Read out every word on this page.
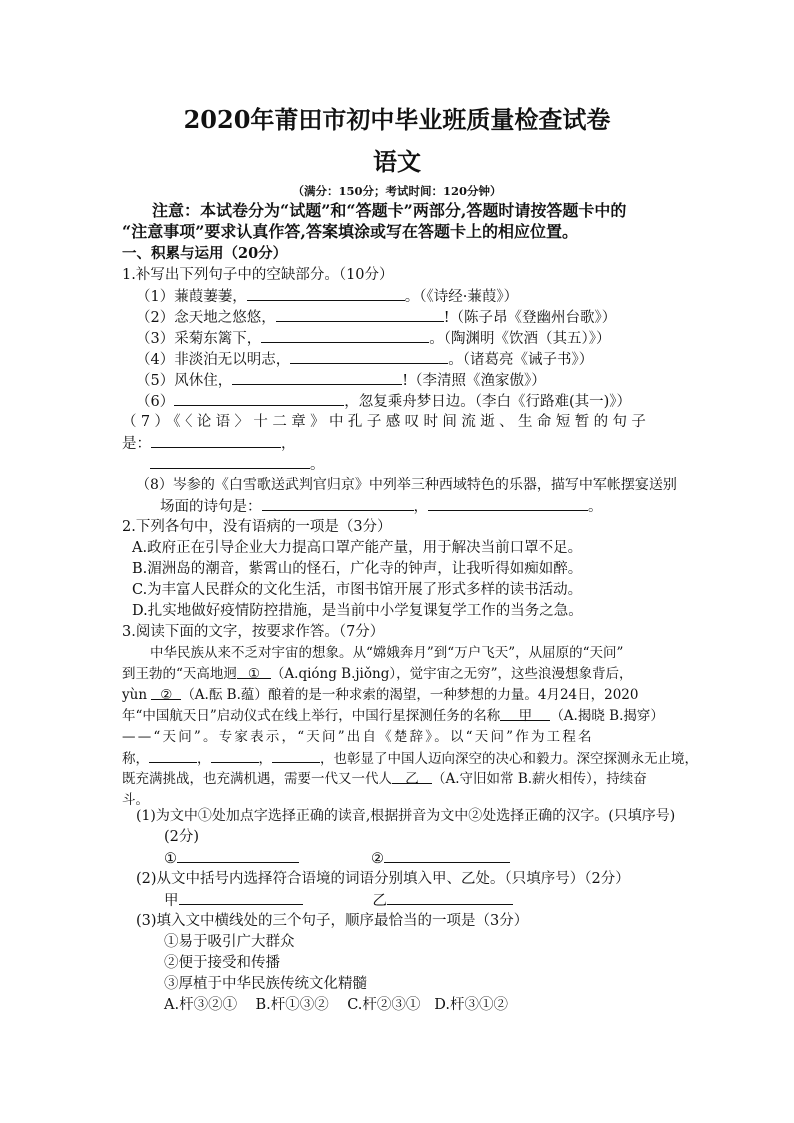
2020年莆田市初中毕业班质量检查试卷
语文
（满分：150分；考试时间：120分钟）
注意：本试卷分为“试题”和“答题卡”两部分,答题时请按答题卡中的
“注意事项”要求认真作答,答案填涂或写在答题卡上的相应位置。
一、积累与运用（20分）
1.补写出下列句子中的空缺部分。（10分）
（1）蒹葭萋萋，	。（《诗经·蒹葭》）
（2）念天地之悠悠，	!（陈子昂《登幽州台歌》）
（3）采菊东篱下，	。（陶渊明《饮酒（其五）》）
（4）非淡泊无以明志，	。（诸葛亮《诫子书》）
（5）风休住，	!（李清照《渔家傲》）
（6）	，忽复乘舟梦日边。（李白《行路难(其一)》）
（7）《〈论语〉十二章》中孔子感叹时间流逝、生命短暂的句子
是：	，
。
（8）岑参的《白雪歌送武判官归京》中列举三种西域特色的乐器，描写中军帐摆宴送别
场面的诗句是：	，	。
2.下列各句中，没有语病的一项是（3分）
A.政府正在引导企业大力提高口罩产能产量，用于解决当前口罩不足。
B.湄洲岛的潮音，紫霄山的怪石，广化寺的钟声，让我听得如痴如醉。
C.为丰富人民群众的文化生活，市图书馆开展了形式多样的读书活动。
D.扎实地做好疫情防控措施，是当前中小学复课复学工作的当务之急。
3.阅读下面的文字，按要求作答。（7分）
中华民族从来不乏对宇宙的想象。从“嫦娥奔月”到“万户飞天”，从屈原的“天问”
到王勃的“天高地迥 ① （A.qióng B.jiǒng），觉宇宙之无穷”，这些浪漫想象背后，
yùn ② （A.酝 B.蕴）酿着的是一种求索的渴望，一种梦想的力量。4月24日，2020
年“中国航天日”启动仪式在线上举行，中国行星探测任务的名称 甲 （A.揭晓 B.揭穿）
——“天问”。专家表示，“天问”出自《楚辞》。以“天问”作为工程名
称，	，	，	，也彰显了中国人迈向深空的决心和毅力。深空探测永无止境，
既充满挑战，也充满机遇，需要一代又一代人 乙 （A.守旧如常 B.薪火相传），持续奋
斗。
(1)为文中①处加点字选择正确的读音,根据拼音为文中②处选择正确的汉字。(只填序号)
(2分)
①	②
(2)从文中括号内选择符合语境的词语分别填入甲、乙处。（只填序号）（2分）
甲	乙
(3)填入文中横线处的三个句子，顺序最恰当的一项是（3分）
①易于吸引广大群众
②便于接受和传播
③厚植于中华民族传统文化精髓
A.杆③②①    B.杆①③②    C.杆②③①   D.杆③①②
